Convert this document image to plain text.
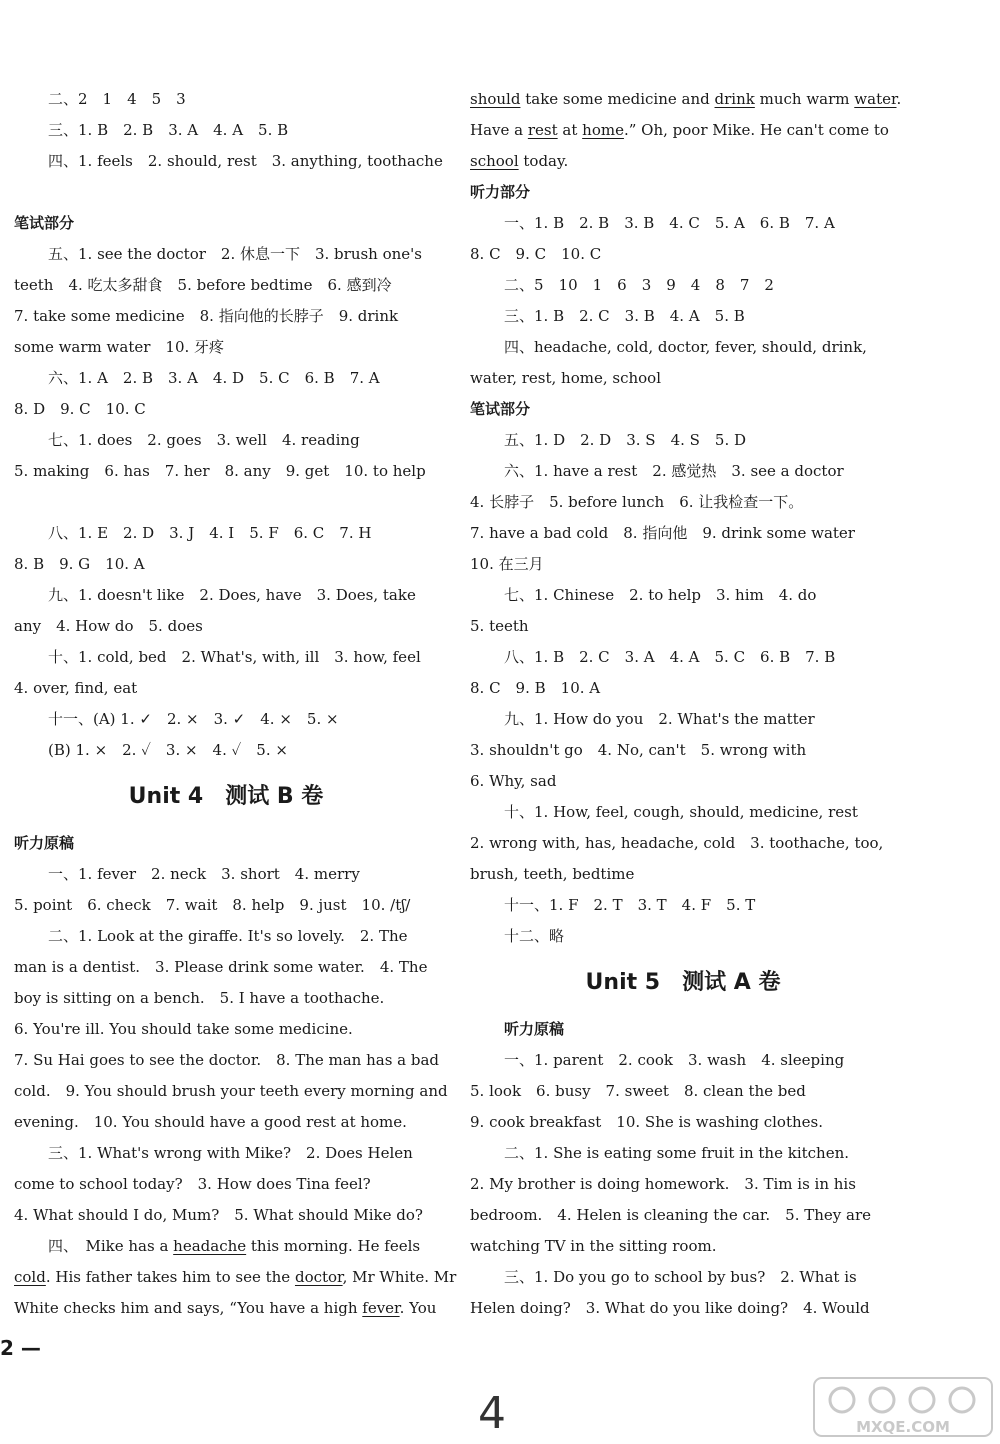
二、2　1　4　5　3
三、1. B　2. B　3. A　4. A　5. B
四、1. feels　2. should, rest　3. anything, toothache
笔试部分
五、1. see the doctor　2. 休息一下　3. brush one's
teeth　4. 吃太多甜食　5. before bedtime　6. 感到冷
7. take some medicine　8. 指向他的长脖子　9. drink
some warm water　10. 牙疼
六、1. A　2. B　3. A　4. D　5. C　6. B　7. A
8. D　9. C　10. C
七、1. does　2. goes　3. well　4. reading
5. making　6. has　7. her　8. any　9. get　10. to help
八、1. E　2. D　3. J　4. I　5. F　6. C　7. H
8. B　9. G　10. A
九、1. doesn't like　2. Does, have　3. Does, take
any　4. How do　5. does
十、1. cold, bed　2. What's, with, ill　3. how, feel
4. over, find, eat
十一、(A) 1. ✓　2. ×　3. ✓　4. ×　5. ×
(B) 1. ×　2. ✓　3. ×　4. ✓　5. ×
Unit 4　测试 B 卷
听力原稿
一、1. fever　2. neck　3. short　4. merry
5. point　6. check　7. wait　8. help　9. just　10. /tʃ/
二、1. Look at the giraffe. It's so lovely.　2. The
man is a dentist.　3. Please drink some water.　4. The
boy is sitting on a bench.　5. I have a toothache.
6. You're ill. You should take some medicine.
7. Su Hai goes to see the doctor.　8. The man has a bad
cold.　9. You should brush your teeth every morning and
evening.　10. You should have a good rest at home.
三、1. What's wrong with Mike?　2. Does Helen
come to school today?　3. How does Tina feel?
4. What should I do, Mum?　5. What should Mike do?
四、　Mike has a headache this morning. He feels
cold. His father takes him to see the doctor, Mr White. Mr
White checks him and says, “You have a high fever. You
should take some medicine and drink much warm water.
Have a rest at home.” Oh, poor Mike. He can't come to
school today.
听力部分
一、1. B　2. B　3. B　4. C　5. A　6. B　7. A
8. C　9. C　10. C
二、5　10　1　6　3　9　4　8　7　2
三、1. B　2. C　3. B　4. A　5. B
四、headache, cold, doctor, fever, should, drink,
water, rest, home, school
笔试部分
五、1. D　2. D　3. S　4. S　5. D
六、1. have a rest　2. 感觉热　3. see a doctor
4. 长脖子　5. before lunch　6. 让我检查一下。
7. have a bad cold　8. 指向他　9. drink some water
10. 在三月
七、1. Chinese　2. to help　3. him　4. do
5. teeth
八、1. B　2. C　3. A　4. A　5. C　6. B　7. B
8. C　9. B　10. A
九、1. How do you　2. What's the matter
3. shouldn't go　4. No, can't　5. wrong with
6. Why, sad
十、1. How, feel, cough, should, medicine, rest
2. wrong with, has, headache, cold　3. toothache, too,
brush, teeth, bedtime
十一、1. F　2. T　3. T　4. F　5. T
十二、略
Unit 5　测试 A 卷
听力原稿
一、1. parent　2. cook　3. wash　4. sleeping
5. look　6. busy　7. sweet　8. clean the bed
9. cook breakfast　10. She is washing clothes.
二、1. She is eating some fruit in the kitchen.
2. My brother is doing homework.　3. Tim is in his
bedroom.　4. Helen is cleaning the car.　5. They are
watching TV in the sitting room.
三、1. Do you go to school by bus?　2. What is
Helen doing?　3. What do you like doing?　4. Would
2 —
4	MXQE.COM
